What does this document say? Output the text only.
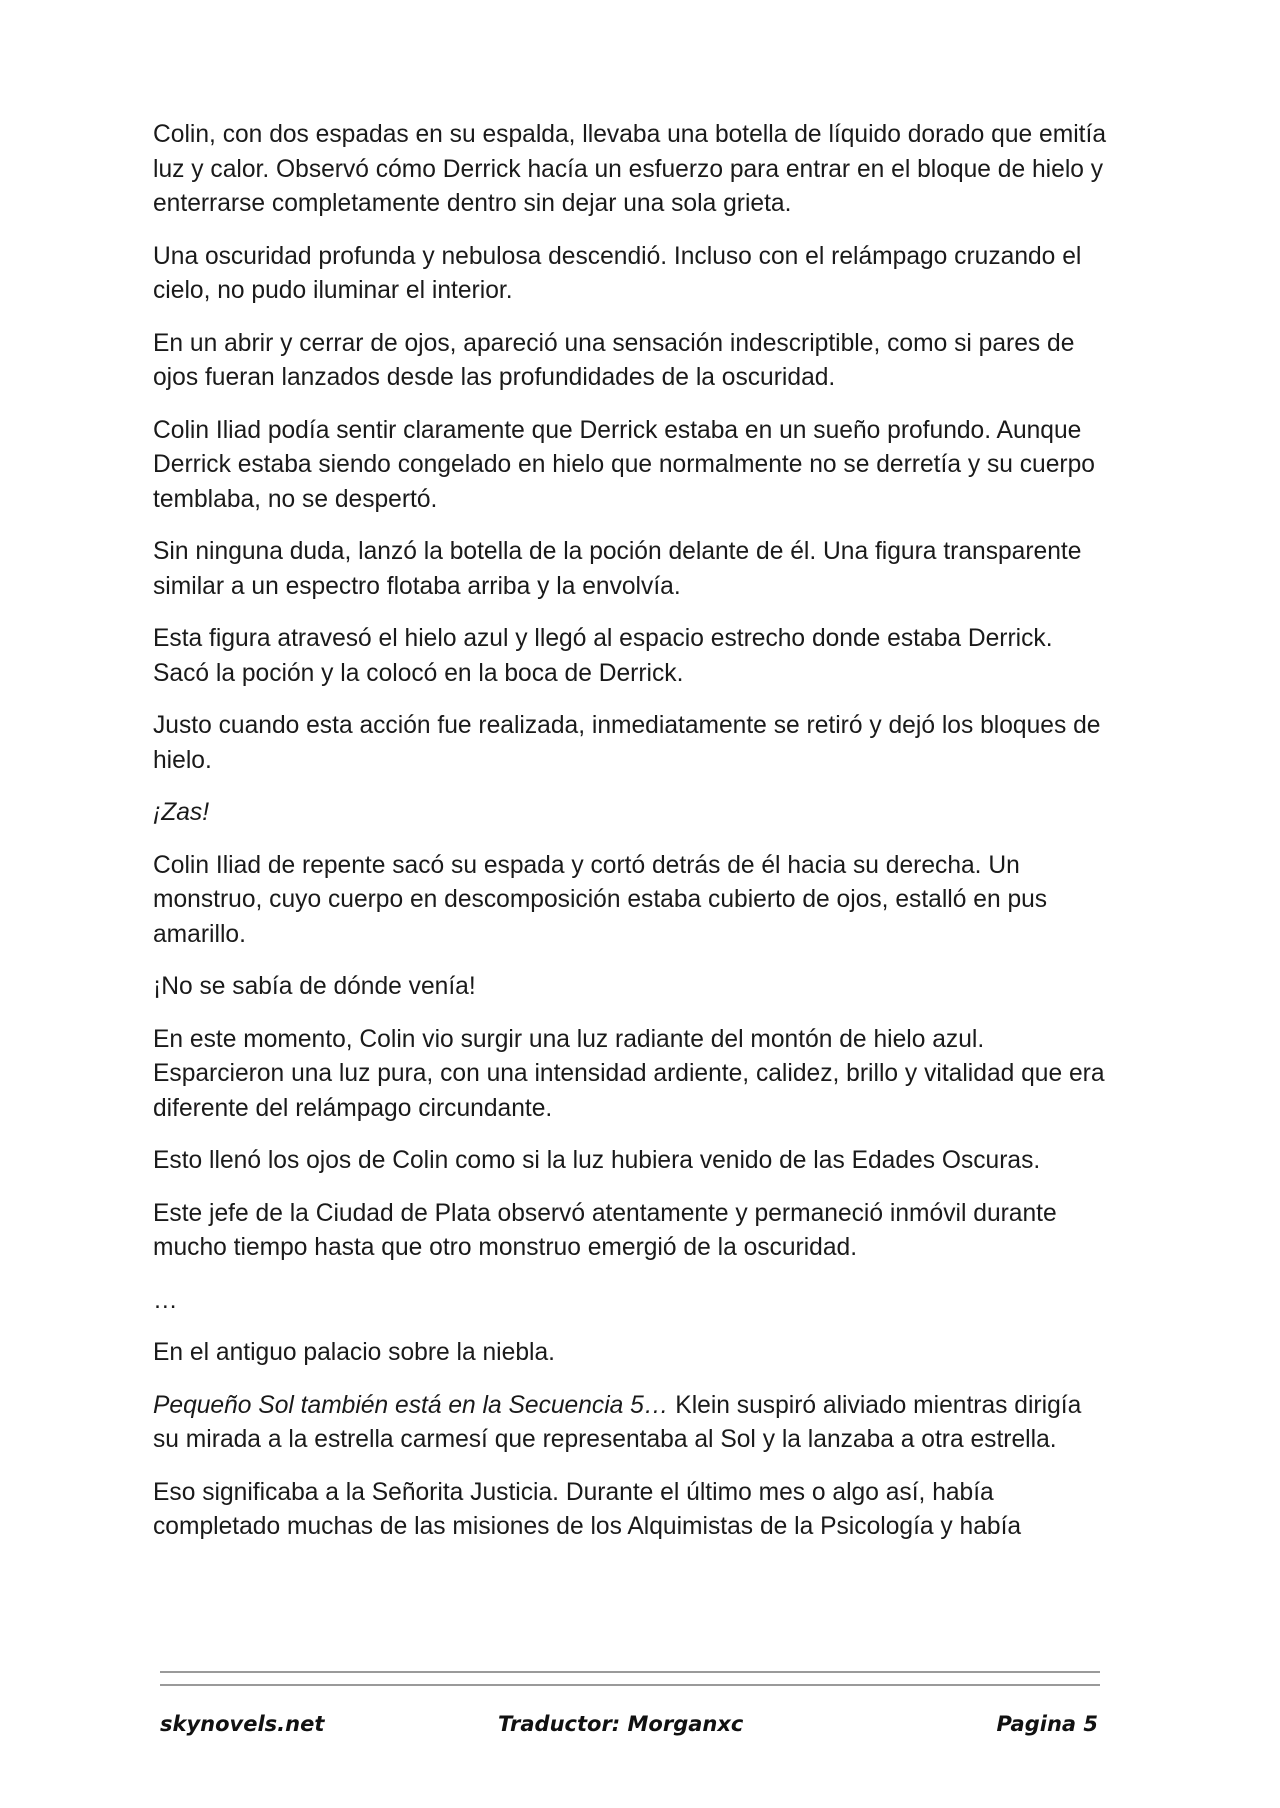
Colin, con dos espadas en su espalda, llevaba una botella de líquido dorado que emitía luz y calor. Observó cómo Derrick hacía un esfuerzo para entrar en el bloque de hielo y enterrarse completamente dentro sin dejar una sola grieta.

Una oscuridad profunda y nebulosa descendió. Incluso con el relámpago cruzando el cielo, no pudo iluminar el interior.

En un abrir y cerrar de ojos, apareció una sensación indescriptible, como si pares de ojos fueran lanzados desde las profundidades de la oscuridad.

Colin Iliad podía sentir claramente que Derrick estaba en un sueño profundo. Aunque Derrick estaba siendo congelado en hielo que normalmente no se derretía y su cuerpo temblaba, no se despertó.

Sin ninguna duda, lanzó la botella de la poción delante de él. Una figura transparente similar a un espectro flotaba arriba y la envolvía.

Esta figura atravesó el hielo azul y llegó al espacio estrecho donde estaba Derrick. Sacó la poción y la colocó en la boca de Derrick.

Justo cuando esta acción fue realizada, inmediatamente se retiró y dejó los bloques de hielo.

¡Zas!

Colin Iliad de repente sacó su espada y cortó detrás de él hacia su derecha. Un monstruo, cuyo cuerpo en descomposición estaba cubierto de ojos, estalló en pus amarillo.

¡No se sabía de dónde venía!

En este momento, Colin vio surgir una luz radiante del montón de hielo azul. Esparcieron una luz pura, con una intensidad ardiente, calidez, brillo y vitalidad que era diferente del relámpago circundante.

Esto llenó los ojos de Colin como si la luz hubiera venido de las Edades Oscuras.

Este jefe de la Ciudad de Plata observó atentamente y permaneció inmóvil durante mucho tiempo hasta que otro monstruo emergió de la oscuridad.

…

En el antiguo palacio sobre la niebla.

Pequeño Sol también está en la Secuencia 5… Klein suspiró aliviado mientras dirigía su mirada a la estrella carmesí que representaba al Sol y la lanzaba a otra estrella.

Eso significaba a la Señorita Justicia. Durante el último mes o algo así, había completado muchas de las misiones de los Alquimistas de la Psicología y había

skynovels.net	Traductor: Morganxc	Pagina 5
